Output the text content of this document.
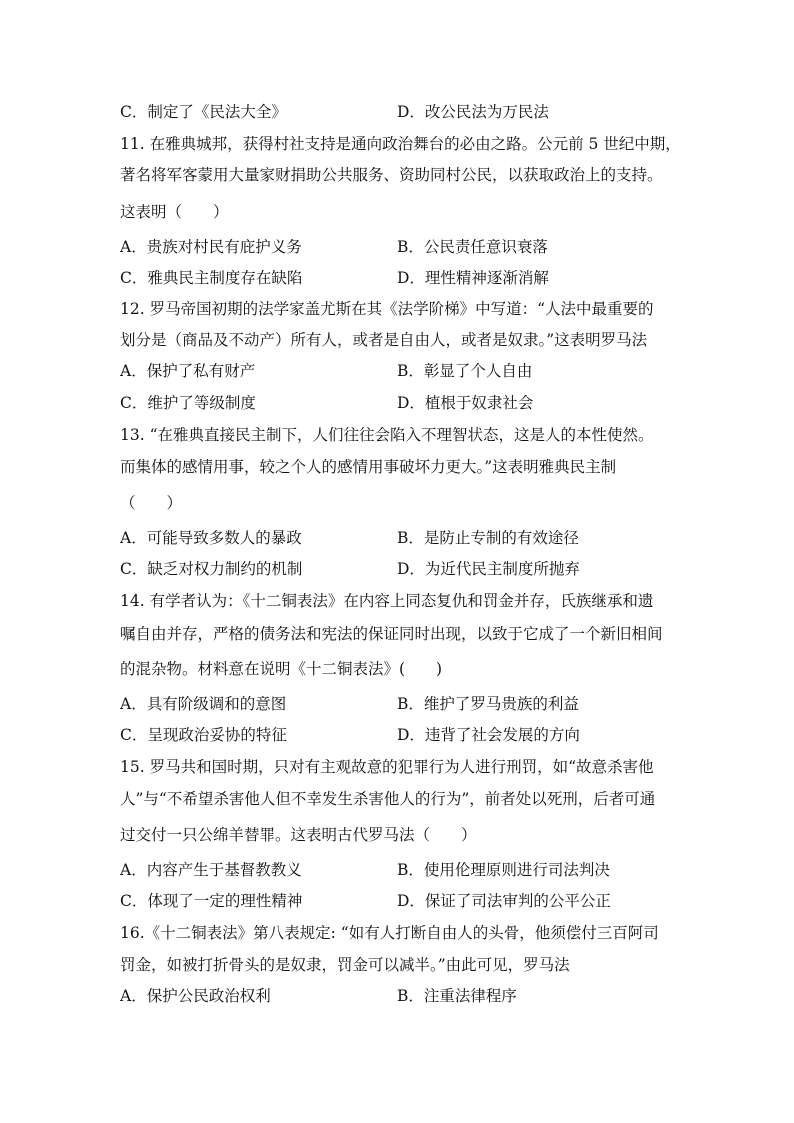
C．制定了《民法大全》	D．改公民法为万民法
11. 在雅典城邦，获得村社支持是通向政治舞台的必由之路。公元前 5 世纪中期，
著名将军客蒙用大量家财捐助公共服务、资助同村公民，以获取政治上的支持。
这表明（　　）
A．贵族对村民有庇护义务	B．公民责任意识衰落
C．雅典民主制度存在缺陷	D．理性精神逐渐消解
12. 罗马帝国初期的法学家盖尤斯在其《法学阶梯》中写道：“人法中最重要的
划分是（商品及不动产）所有人，或者是自由人，或者是奴隶。”这表明罗马法
A．保护了私有财产	B．彰显了个人自由
C．维护了等级制度	D．植根于奴隶社会
13. “在雅典直接民主制下，人们往往会陷入不理智状态，这是人的本性使然。
而集体的感情用事，较之个人的感情用事破坏力更大。”这表明雅典民主制
（　　）
A．可能导致多数人的暴政	B．是防止专制的有效途径
C．缺乏对权力制约的机制	D．为近代民主制度所抛弃
14. 有学者认为：《十二铜表法》在内容上同态复仇和罚金并存，氏族继承和遗
嘱自由并存，严格的债务法和宪法的保证同时出现，以致于它成了一个新旧相间
的混杂物。材料意在说明《十二铜表法》(　　)
A．具有阶级调和的意图	B．维护了罗马贵族的利益
C．呈现政治妥协的特征	D．违背了社会发展的方向
15. 罗马共和国时期，只对有主观故意的犯罪行为人进行刑罚，如“故意杀害他
人”与“不希望杀害他人但不幸发生杀害他人的行为”，前者处以死刑，后者可通
过交付一只公绵羊替罪。这表明古代罗马法（　　）
A．内容产生于基督教教义	B．使用伦理原则进行司法判决
C．体现了一定的理性精神	D．保证了司法审判的公平公正
16.《十二铜表法》第八表规定: “如有人打断自由人的头骨，他须偿付三百阿司
罚金，如被打折骨头的是奴隶，罚金可以减半。”由此可见，罗马法
A．保护公民政治权利	B．注重法律程序
